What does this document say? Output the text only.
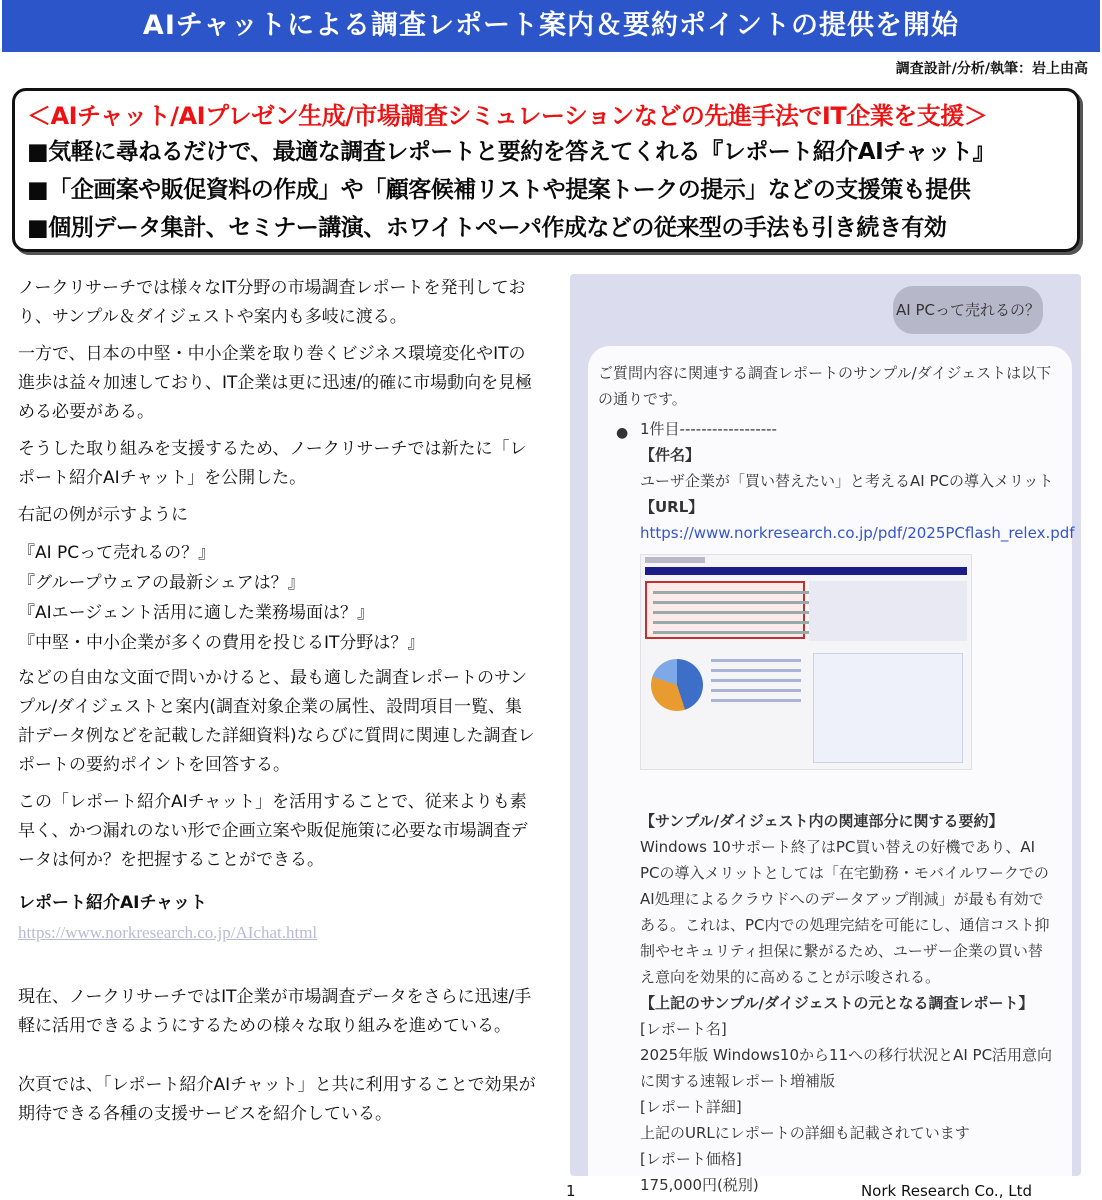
AIチャットによる調査レポート案内＆要約ポイントの提供を開始
調査設計/分析/執筆：岩上由高
＜AIチャット/AIプレゼン生成/市場調査シミュレーションなどの先進手法でIT企業を支援＞
■気軽に尋ねるだけで、最適な調査レポートと要約を答えてくれる『レポート紹介AIチャット』
■「企画案や販促資料の作成」や「顧客候補リストや提案トークの提示」などの支援策も提供
■個別データ集計、セミナー講演、ホワイトペーパ作成などの従来型の手法も引き続き有効

ノークリサーチでは様々なIT分野の市場調査レポートを発刊しており、サンプル＆ダイジェストや案内も多岐に渡る。

一方で、日本の中堅・中小企業を取り巻くビジネス環境変化やITの進歩は益々加速しており、IT企業は更に迅速/的確に市場動向を見極める必要がある。

そうした取り組みを支援するため、ノークリサーチでは新たに「レポート紹介AIチャット」を公開した。

右記の例が示すように

『AI PCって売れるの？』

『グループウェアの最新シェアは？』

『AIエージェント活用に適した業務場面は？』

『中堅・中小企業が多くの費用を投じるIT分野は？』

などの自由な文面で問いかけると、最も適した調査レポートのサンプル/ダイジェストと案内(調査対象企業の属性、設問項目一覧、集計データ例などを記載した詳細資料)ならびに質問に関連した調査レポートの要約ポイントを回答する。

この「レポート紹介AIチャット」を活用することで、従来よりも素早く、かつ漏れのない形で企画立案や販促施策に必要な市場調査データは何か？を把握することができる。

レポート紹介AIチャット

https://www.norkresearch.co.jp/AIchat.html

現在、ノークリサーチではIT企業が市場調査データをさらに迅速/手軽に活用できるようにするための様々な取り組みを進めている。

次頁では、「レポート紹介AIチャット」と共に利用することで効果が期待できる各種の支援サービスを紹介している。

AI PCって売れるの？
ご質問内容に関連する調査レポートのサンプル/ダイジェストは以下の通りです。
● 1件目------------------
【件名】
ユーザ企業が「買い替えたい」と考えるAI PCの導入メリット
【URL】
https://www.norkresearch.co.jp/pdf/2025PCflash_relex.pdf
【サンプル/ダイジェスト内の関連部分に関する要約】
Windows 10サポート終了はPC買い替えの好機であり、AI PCの導入メリットとしては「在宅勤務・モバイルワークでのAI処理によるクラウドへのデータアップ削減」が最も有効である。これは、PC内での処理完結を可能にし、通信コスト抑制やセキュリティ担保に繋がるため、ユーザー企業の買い替え意向を効果的に高めることが示唆される。
【上記のサンプル/ダイジェストの元となる調査レポート】
[レポート名]
2025年版 Windows10から11への移行状況とAI PC活用意向に関する速報レポート増補版
[レポート詳細]
上記のURLにレポートの詳細も記載されています
[レポート価格]
175,000円(税別)
1	Nork Research Co., Ltd
